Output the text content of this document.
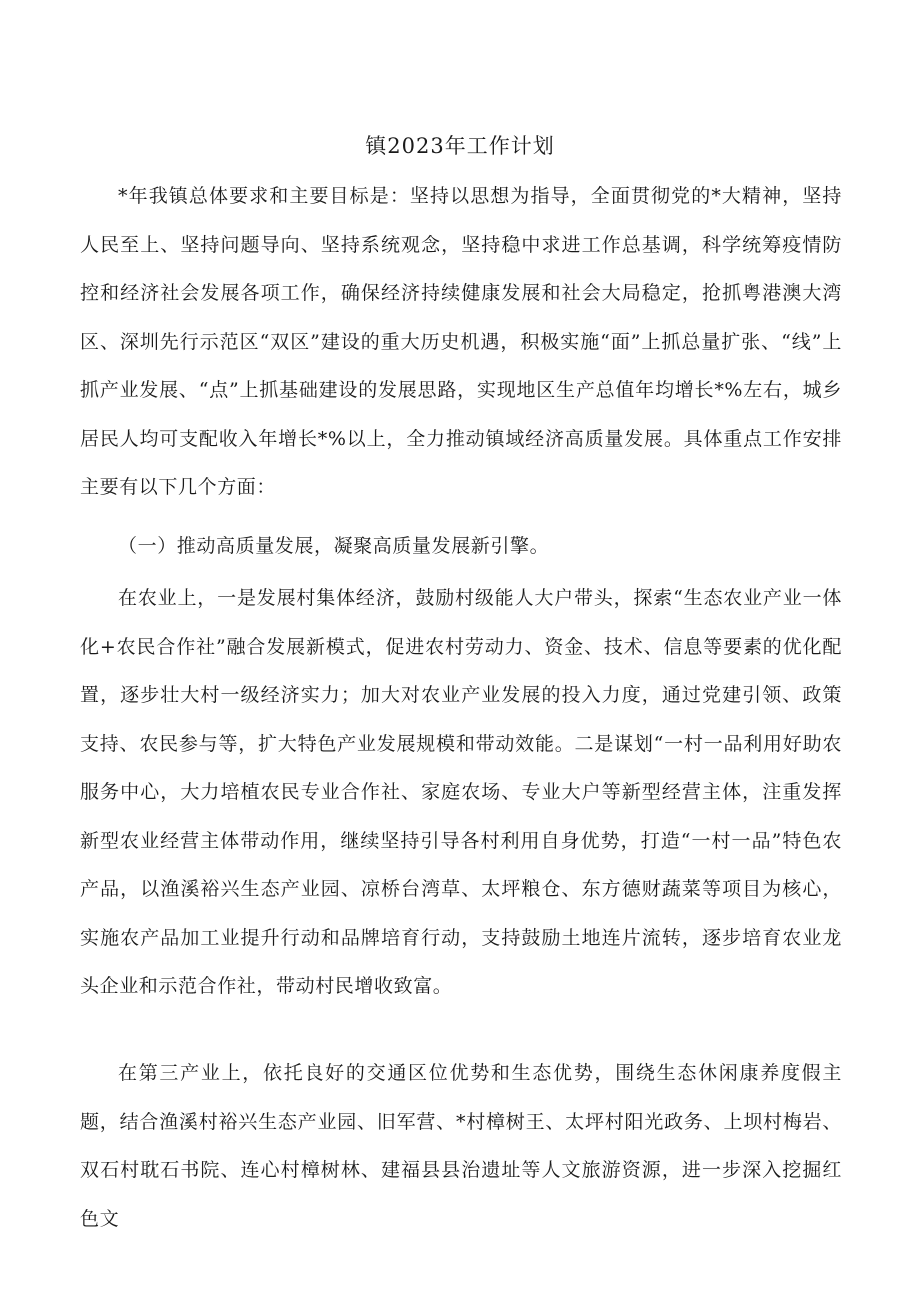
镇2023年工作计划

*年我镇总体要求和主要目标是：坚持以思想为指导，全面贯彻党的*大精神，坚持人民至上、坚持问题导向、坚持系统观念，坚持稳中求进工作总基调，科学统筹疫情防控和经济社会发展各项工作，确保经济持续健康发展和社会大局稳定，抢抓粤港澳大湾区、深圳先行示范区“双区”建设的重大历史机遇，积极实施“面”上抓总量扩张、“线”上抓产业发展、“点”上抓基础建设的发展思路，实现地区生产总值年均增长*%左右，城乡居民人均可支配收入年增长*%以上，全力推动镇域经济高质量发展。具体重点工作安排主要有以下几个方面：

（一）推动高质量发展，凝聚高质量发展新引擎。

在农业上，一是发展村集体经济，鼓励村级能人大户带头，探索“生态农业产业一体化+农民合作社”融合发展新模式，促进农村劳动力、资金、技术、信息等要素的优化配置，逐步壮大村一级经济实力；加大对农业产业发展的投入力度，通过党建引领、政策支持、农民参与等，扩大特色产业发展规模和带动效能。二是谋划“一村一品利用好助农服务中心，大力培植农民专业合作社、家庭农场、专业大户等新型经营主体，注重发挥新型农业经营主体带动作用，继续坚持引导各村利用自身优势，打造“一村一品”特色农产品，以渔溪裕兴生态产业园、凉桥台湾草、太坪粮仓、东方德财蔬菜等项目为核心，实施农产品加工业提升行动和品牌培育行动，支持鼓励土地连片流转，逐步培育农业龙头企业和示范合作社，带动村民增收致富。

在第三产业上，依托良好的交通区位优势和生态优势，围绕生态休闲康养度假主题，结合渔溪村裕兴生态产业园、旧军营、*村樟树王、太坪村阳光政务、上坝村梅岩、双石村耽石书院、连心村樟树林、建福县县治遗址等人文旅游资源，进一步深入挖掘红色文
